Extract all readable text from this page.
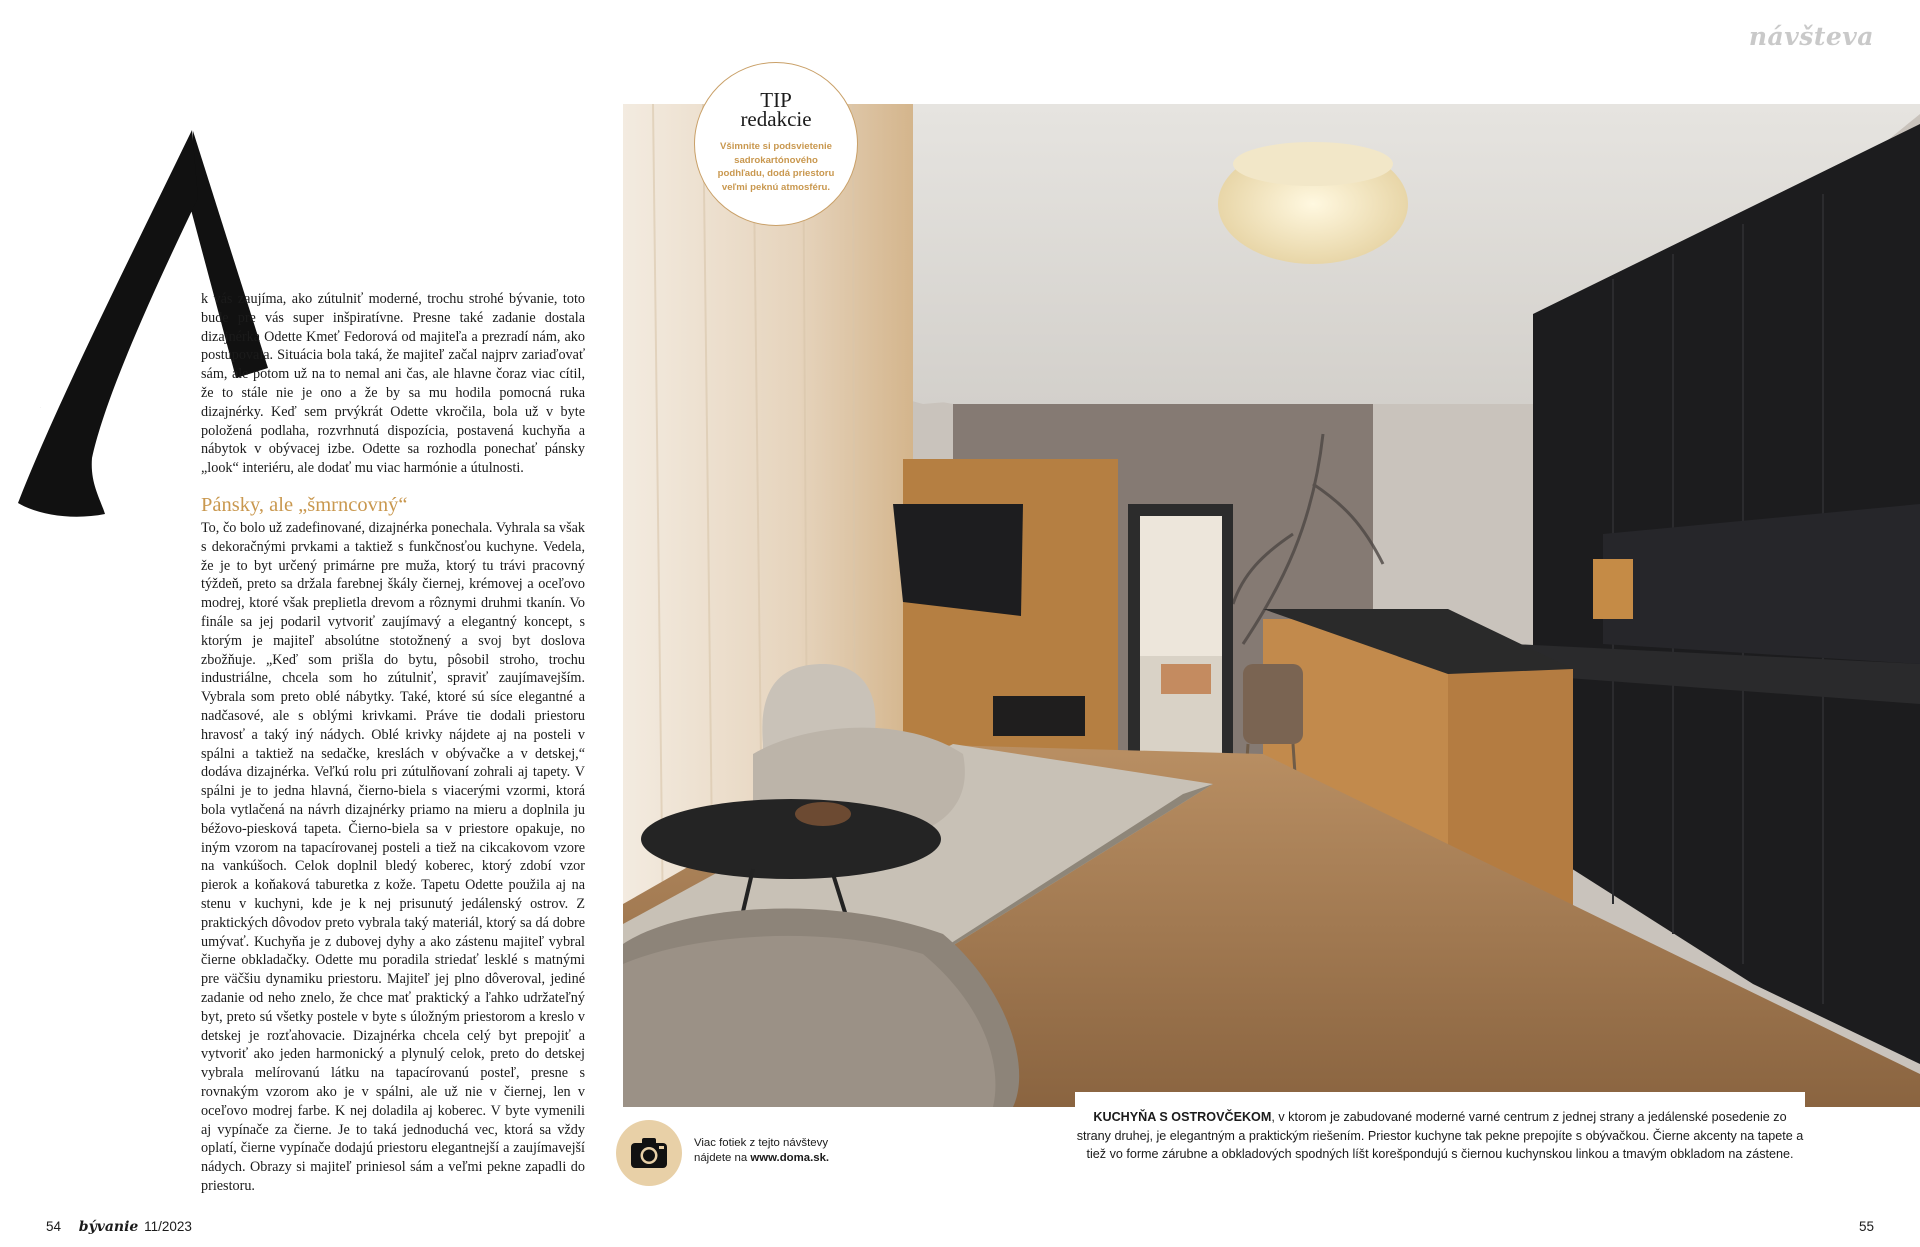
návšteva
A

k vás zaujíma, ako zútulniť moderné, trochu strohé bývanie, toto bude pre vás super inšpiratívne. Presne také zadanie dostala dizajnérka Odette Kmeť Fedorová od majiteľa a prezradí nám, ako postupovala. Situácia bola taká, že majiteľ začal najprv zariaďovať sám, ale potom už na to nemal ani čas, ale hlavne čoraz viac cítil, že to stále nie je ono a že by sa mu hodila pomocná ruka dizajnérky. Keď sem prvýkrát Odette vkročila, bola už v byte položená podlaha, rozvrhnutá dispozícia, postavená kuchyňa a nábytok v obývacej izbe. Odette sa rozhodla ponechať pánsky „look“ interiéru, ale dodať mu viac harmónie a útulnosti.

Pánsky, ale „šmrncovný“

To, čo bolo už zadefinované, dizajnérka ponechala. Vyhrala sa však s dekoračnými prvkami a taktiež s funkčnosťou kuchyne. Vedela, že je to byt určený primárne pre muža, ktorý tu trávi pracovný týždeň, preto sa držala farebnej škály čiernej, krémovej a oceľovo modrej, ktoré však preplietla drevom a rôznymi druhmi tkanín. Vo finále sa jej podaril vytvoriť zaujímavý a elegantný koncept, s ktorým je majiteľ absolútne stotožnený a svoj byt doslova zbožňuje. „Keď som prišla do bytu, pôsobil stroho, trochu industriálne, chcela som ho zútulniť, spraviť zaujímavejším. Vybrala som preto oblé nábytky. Také, ktoré sú síce elegantné a nadčasové, ale s oblými krivkami. Práve tie dodali priestoru hravosť a taký iný nádych. Oblé krivky nájdete aj na posteli v spálni a taktiež na sedačke, kreslách v obývačke a v detskej,“ dodáva dizajnérka. Veľkú rolu pri zútulňovaní zohrali aj tapety. V spálni je to jedna hlavná, čierno-biela s viacerými vzormi, ktorá bola vytlačená na návrh dizajnérky priamo na mieru a doplnila ju béžovo-piesková tapeta. Čierno-biela sa v priestore opakuje, no iným vzorom na tapacírovanej posteli a tiež na cikcakovom vzore na vankúšoch. Celok doplnil bledý koberec, ktorý zdobí vzor pierok a koňaková taburetka z kože. Tapetu Odette použila aj na stenu v kuchyni, kde je k nej prisunutý jedálenský ostrov. Z praktických dôvodov preto vybrala taký materiál, ktorý sa dá dobre umývať. Kuchyňa je z dubovej dyhy a ako zástenu majiteľ vybral čierne obkladačky. Odette mu poradila striedať lesklé s matnými pre väčšiu dynamiku priestoru. Majiteľ jej plno dôveroval, jediné zadanie od neho znelo, že chce mať praktický a ľahko udržateľný byt, preto sú všetky postele v byte s úložným priestorom a kreslo v detskej je rozťahovacie. Dizajnérka chcela celý byt prepojiť a vytvoriť ako jeden harmonický a plynulý celok, preto do detskej vybrala melírovanú látku na tapacírovanú posteľ, presne s rovnakým vzorom ako je v spálni, ale už nie v čiernej, len v oceľovo modrej farbe. K nej doladila aj koberec. V byte vymenili aj vypínače za čierne. Je to taká jednoduchá vec, ktorá sa vždy oplatí, čierne vypínače dodajú priestoru elegantnejší a zaujímavejší nádych. Obrazy si majiteľ priniesol sám a veľmi pekne zapadli do priestoru.

TIP
redakcie
Všimnite si podsvietenie sadrokartónového podhľadu, dodá priestoru veľmi peknú atmosféru.
Viac fotiek z tejto návštevy nájdete na www.doma.sk.
KUCHYŇA S OSTROVČEKOM, v ktorom je zabudované moderné varné centrum z jednej strany a jedálenské posedenie zo strany druhej, je elegantným a praktickým riešením. Priestor kuchyne tak pekne prepojíte s obývačkou. Čierne akcenty na tapete a tiež vo forme zárubne a obkladových spodných líšt korešpondujú s čiernou kuchynskou linkou a tmavým obkladom na zástene.
54 bývanie 11/2023	55
